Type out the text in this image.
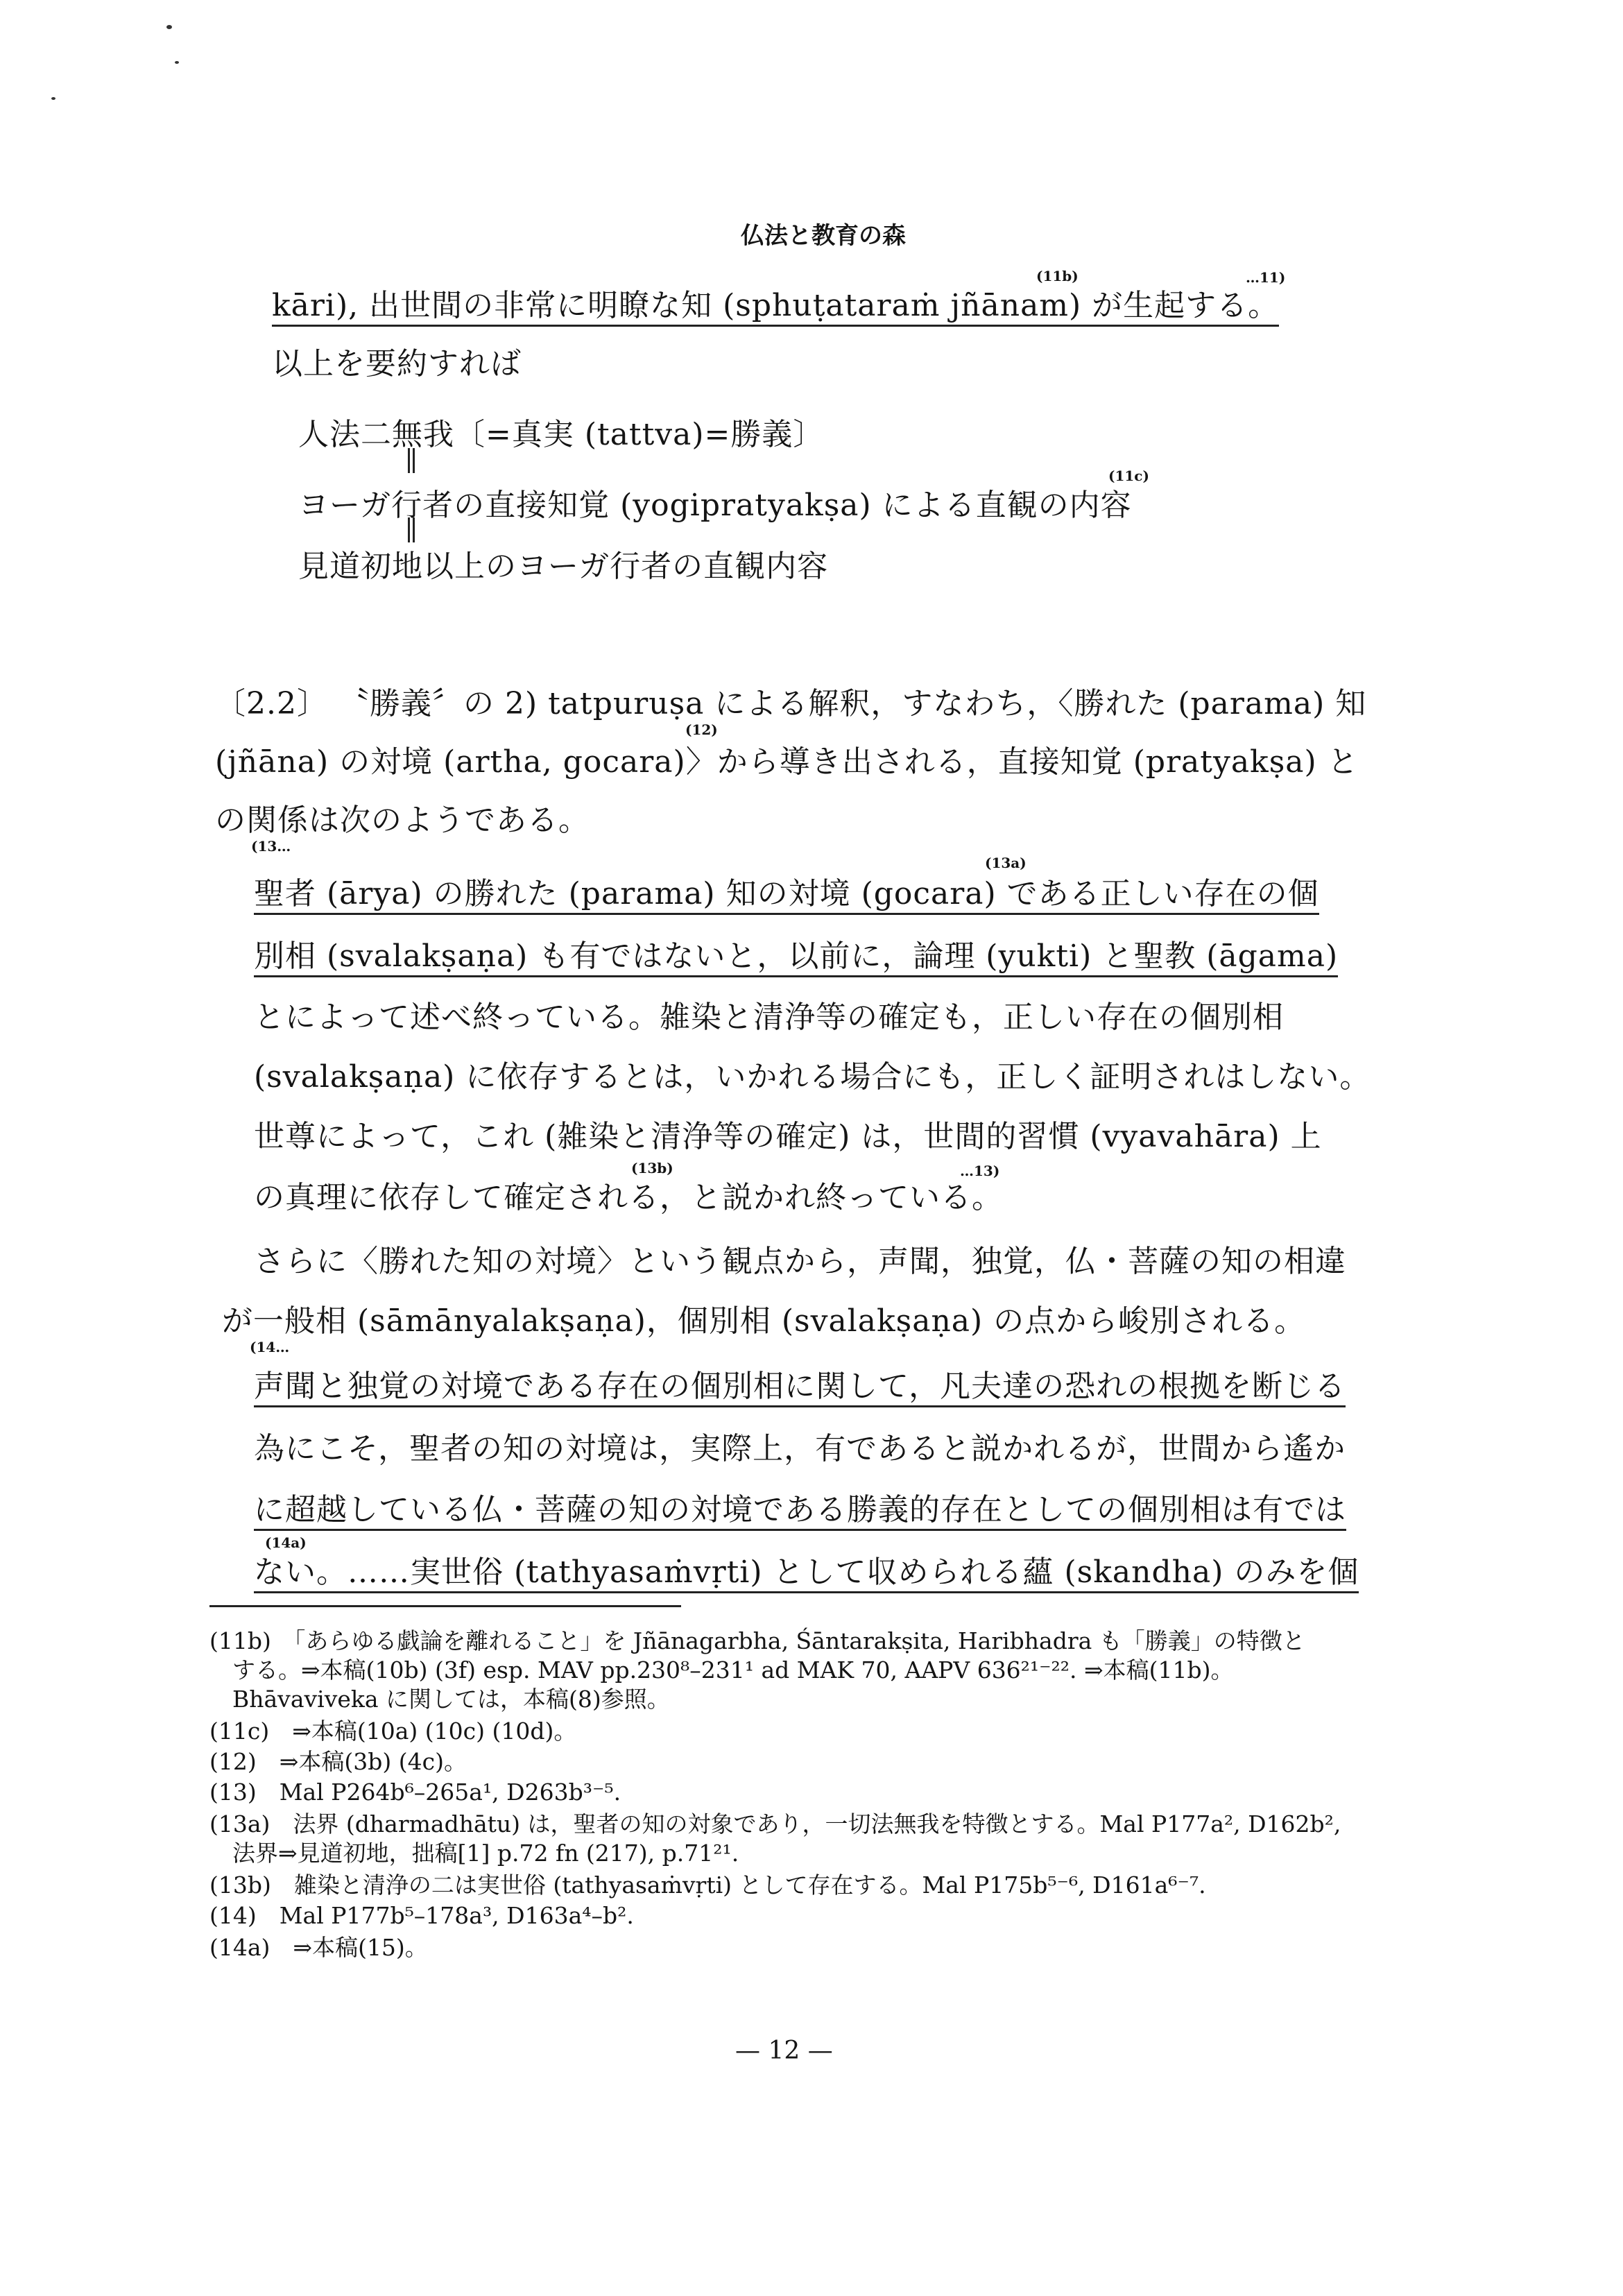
仏法と教育の森
kāri), 出世間の非常に明瞭な知 (sphuṭataraṁ jñānam) が生起する。
(11b)	…11)
以上を要約すれば
人法二無我〔=真実 (tattva)=勝義〕
ヨーガ行者の直接知覚 (yogipratyakṣa) による直観の内容
(11c)
見道初地以上のヨーガ行者の直観内容
〔2.2〕 〝勝義〞の 2) tatpuruṣa による解釈，すなわち，〈勝れた (parama) 知
(jñāna) の対境 (artha, gocara)〉から導き出される，直接知覚 (pratyakṣa) と
(12)
の関係は次のようである。
(13…
(13a)
聖者 (ārya) の勝れた (parama) 知の対境 (gocara) である正しい存在の個
別相 (svalakṣaṇa) も有ではないと，以前に，論理 (yukti) と聖教 (āgama)
とによって述べ終っている。雑染と清浄等の確定も，正しい存在の個別相
(svalakṣaṇa) に依存するとは，いかれる場合にも，正しく証明されはしない。
世尊によって，これ (雑染と清浄等の確定) は，世間的習慣 (vyavahāra) 上
(13b)	…13)
の真理に依存して確定される，と説かれ終っている。
さらに〈勝れた知の対境〉という観点から，声聞，独覚，仏・菩薩の知の相違
が一般相 (sāmānyalakṣaṇa)，個別相 (svalakṣaṇa) の点から峻別される。
(14…
声聞と独覚の対境である存在の個別相に関して，凡夫達の恐れの根拠を断じる
為にこそ，聖者の知の対境は，実際上，有であると説かれるが，世間から遙か
に超越している仏・菩薩の知の対境である勝義的存在としての個別相は有では
(14a)
ない。……実世俗 (tathyasaṁvṛti) として収められる蘊 (skandha) のみを個
(11b)　「あらゆる戯論を離れること」を Jñānagarbha, Śāntarakṣita, Haribhadra も「勝義」の特徴と
　する。⇒本稿(10b) (3f) esp. MAV pp.230⁸–231¹ ad MAK 70, AAPV 636²¹⁻²². ⇒本稿(11b)。
　Bhāvaviveka に関しては，本稿(8)参照。
(11c)　⇒本稿(10a) (10c) (10d)。
(12)　⇒本稿(3b) (4c)。
(13)　Mal P264b⁶–265a¹, D263b³⁻⁵.
(13a)　法界 (dharmadhātu) は，聖者の知の対象であり，一切法無我を特徴とする。Mal P177a², D162b²,
　法界⇒見道初地，拙稿[1] p.72 fn (217), p.71²¹.
(13b)　雑染と清浄の二は実世俗 (tathyasaṁvṛti) として存在する。Mal P175b⁵⁻⁶, D161a⁶⁻⁷.
(14)　Mal P177b⁵–178a³, D163a⁴–b².
(14a)　⇒本稿(15)。
— 12 —
